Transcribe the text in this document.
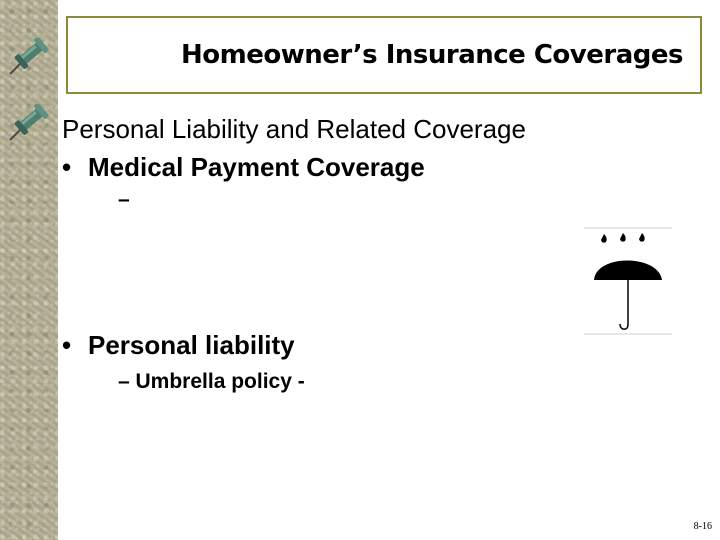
Homeowner’s Insurance Coverages
Personal Liability and Related Coverage
• Medical Payment Coverage
–
• Personal liability
– Umbrella policy -
8-16
